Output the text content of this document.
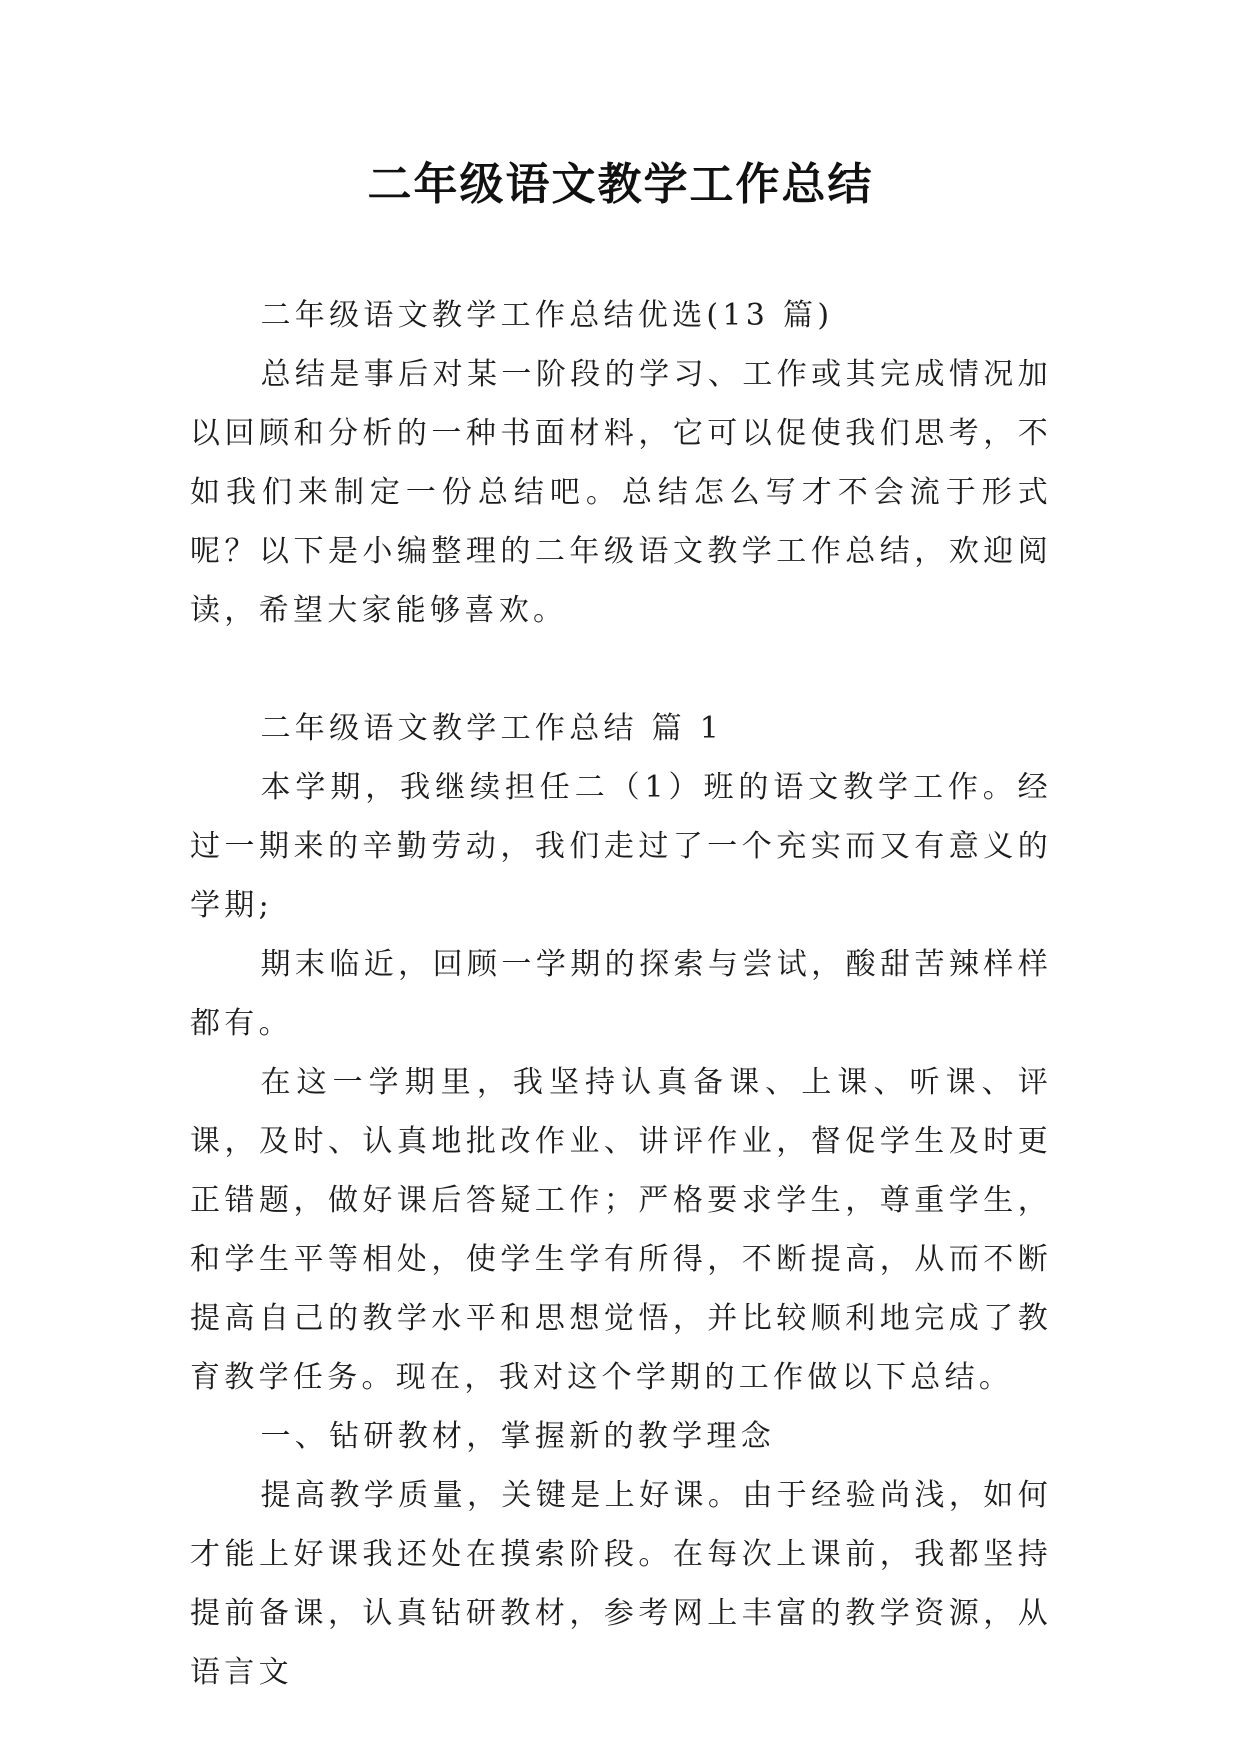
二年级语文教学工作总结

二年级语文教学工作总结优选(13 篇)

总结是事后对某一阶段的学习、工作或其完成情况加以回顾和分析的一种书面材料，它可以促使我们思考，不如我们来制定一份总结吧。总结怎么写才不会流于形式呢？以下是小编整理的二年级语文教学工作总结，欢迎阅读，希望大家能够喜欢。

二年级语文教学工作总结 篇 1

本学期，我继续担任二（1）班的语文教学工作。经过一期来的辛勤劳动，我们走过了一个充实而又有意义的学期;

期末临近，回顾一学期的探索与尝试，酸甜苦辣样样都有。

在这一学期里，我坚持认真备课、上课、听课、评课，及时、认真地批改作业、讲评作业，督促学生及时更正错题，做好课后答疑工作；严格要求学生，尊重学生，和学生平等相处，使学生学有所得，不断提高，从而不断提高自己的教学水平和思想觉悟，并比较顺利地完成了教育教学任务。现在，我对这个学期的工作做以下总结。

一、钻研教材，掌握新的教学理念

提高教学质量，关键是上好课。由于经验尚浅，如何才能上好课我还处在摸索阶段。在每次上课前，我都坚持提前备课，认真钻研教材，参考网上丰富的教学资源，从语言文
